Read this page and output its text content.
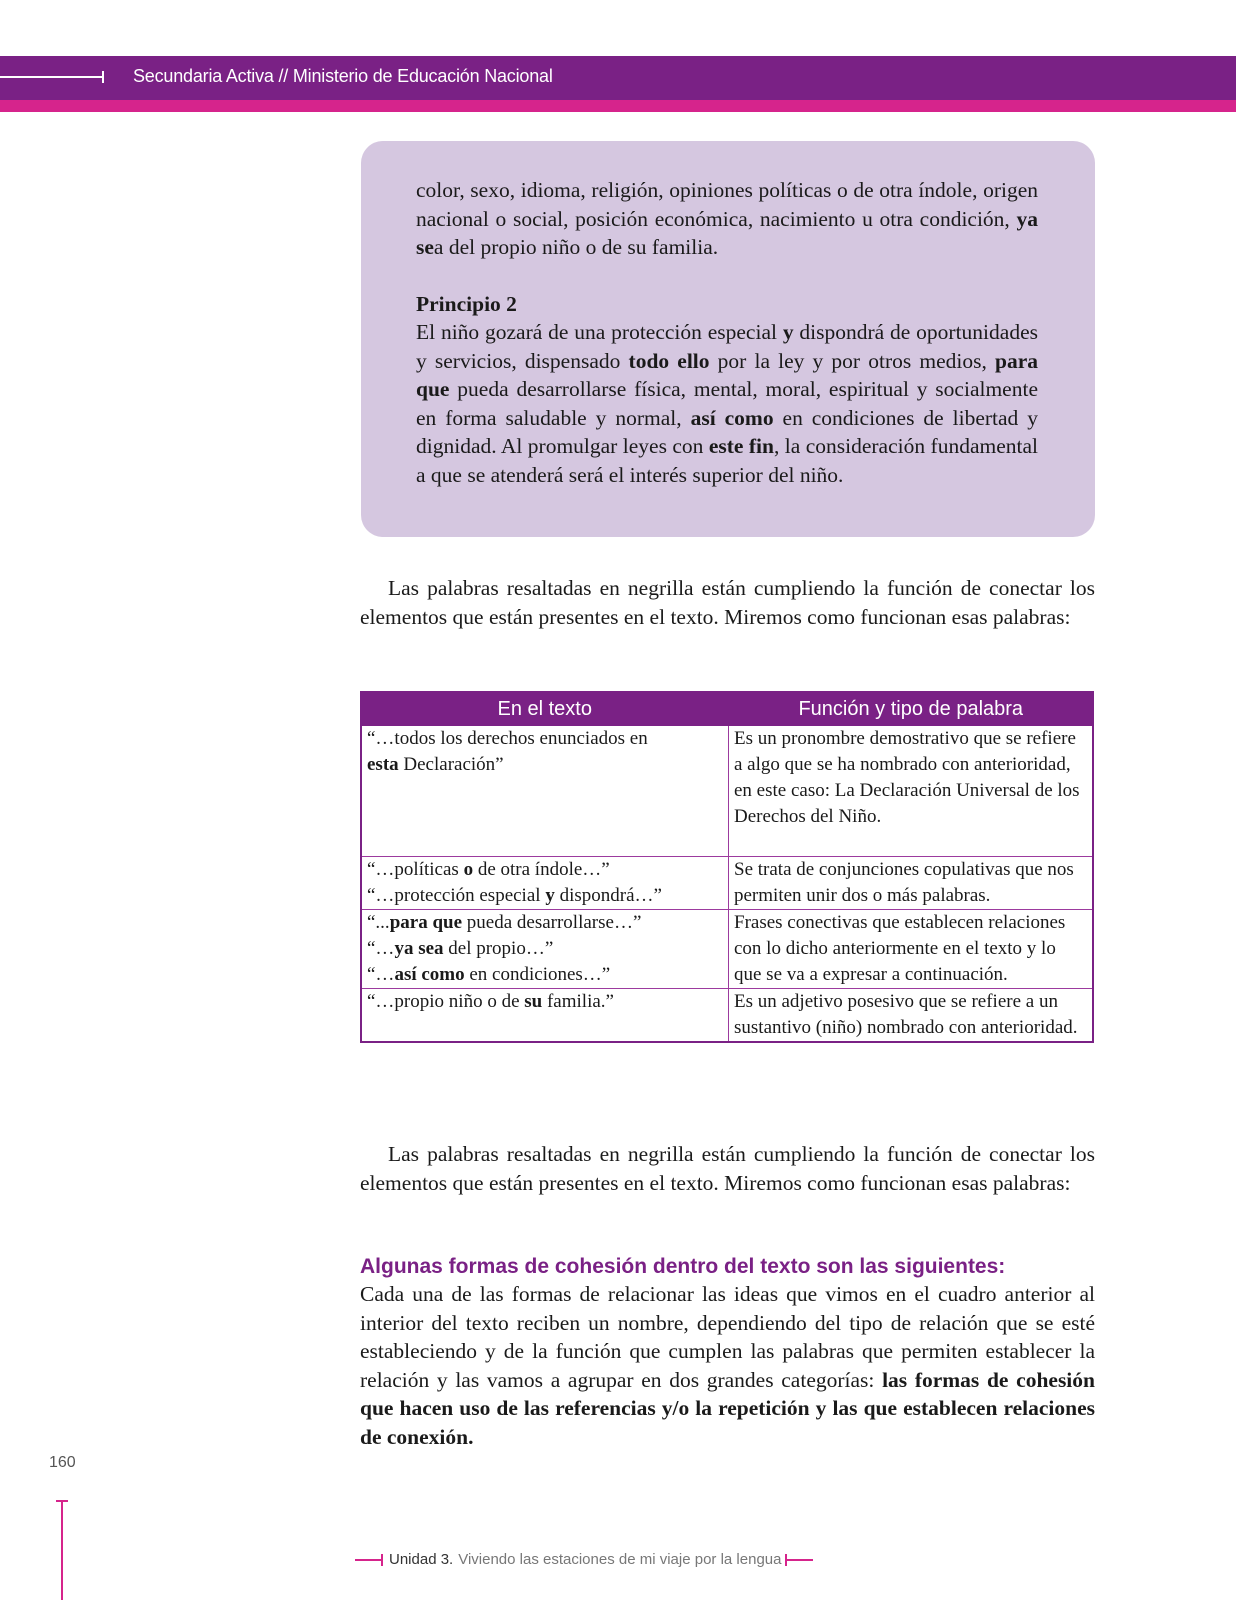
Secundaria Activa // Ministerio de Educación Nacional

color, sexo, idioma, religión, opiniones políticas o de otra índole, origen nacional o social, posición económica, nacimiento u otra condición, ya sea del propio niño o de su familia.

Principio 2

El niño gozará de una protección especial y dispondrá de oportunidades y servicios, dispensado todo ello por la ley y por otros medios, para que pueda desarrollarse física, mental, moral, espiritual y socialmente en forma saludable y normal, así como en condiciones de libertad y dignidad. Al promulgar leyes con este fin, la consideración fundamental a que se atenderá será el interés superior del niño.

Las palabras resaltadas en negrilla están cumpliendo la función de conectar los elementos que están presentes en el texto. Miremos como funcionan esas palabras:

En el texto	Función y tipo de palabra

“…todos los derechos enunciados en
esta Declaración”	Es un pronombre demostrativo que se refiere a algo que se ha nombrado con anterioridad, en este caso: La Declaración Universal de los Derechos del Niño.

“…políticas o de otra índole…”
“…protección especial y dispondrá…”	Se trata de conjunciones copulativas que nos permiten unir dos o más palabras.

“...para que pueda desarrollarse…”
“…ya sea del propio…”
“…así como en condiciones…”	Frases conectivas que establecen relaciones con lo dicho anteriormente en el texto y lo que se va a expresar a continuación.

“…propio niño o de su familia.”	Es un adjetivo posesivo que se refiere a un sustantivo (niño) nombrado con anterioridad.

Las palabras resaltadas en negrilla están cumpliendo la función de conectar los elementos que están presentes en el texto. Miremos como funcionan esas palabras:

Algunas formas de cohesión dentro del texto son las siguientes:

Cada una de las formas de relacionar las ideas que vimos en el cuadro anterior al interior del texto reciben un nombre, dependiendo del tipo de relación que se esté estableciendo y de la función que cumplen las palabras que permiten establecer la relación y las vamos a agrupar en dos grandes categorías: las formas de cohesión que hacen uso de las referencias y/o la repetición y las que establecen relaciones de conexión.

160
Unidad 3. Viviendo las estaciones de mi viaje por la lengua
